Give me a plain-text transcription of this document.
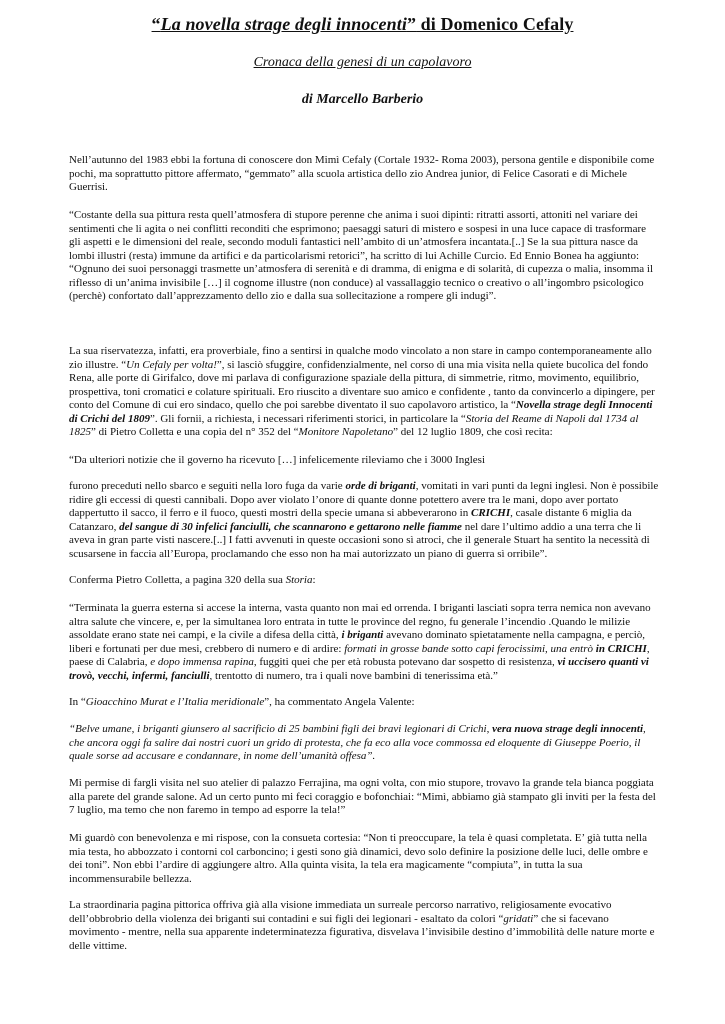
“La novella strage degli innocenti” di Domenico Cefaly
Cronaca della genesi di un capolavoro
di Marcello Barberio

Nell’autunno del 1983 ebbi la fortuna di conoscere don Mimì Cefaly (Cortale 1932- Roma 2003), persona gentile e disponibile come pochi, ma soprattutto pittore affermato, “gemmato” alla scuola artistica dello zio Andrea junior, di Felice Casorati e di Michele Guerrisi.

“Costante della sua pittura resta quell’atmosfera di stupore perenne che anima i suoi dipinti: ritratti assorti, attoniti nel variare dei sentimenti che li agita o nei conflitti reconditi che esprimono; paesaggi saturi di mistero e sospesi in una luce capace di trasformare gli aspetti e le dimensioni del reale, secondo moduli fantastici nell’ambito di un’atmosfera incantata.[..] Se la sua pittura nasce da lombi illustri (resta) immune da artifici e da particolarismi retorici”, ha scritto di lui Achille Curcio. Ed Ennio Bonea ha aggiunto: “Ognuno dei suoi personaggi trasmette un’atmosfera di serenità e di dramma, di enigma e di solarità, di cupezza o malia, insomma il riflesso di un’anima invisibile […] il cognome illustre (non conduce) al vassallaggio tecnico o creativo o all’ingombro psicologico (perchè) confortato dall’apprezzamento dello zio e dalla sua sollecitazione a rompere gli indugi”.

La sua riservatezza, infatti, era proverbiale, fino a sentirsi in qualche modo vincolato a non stare in campo contemporaneamente allo zio illustre. “Un Cefaly per volta!”, si lasciò sfuggire, confidenzialmente, nel corso di una mia visita nella quiete bucolica del fondo Rena, alle porte di Girifalco, dove mi parlava di configurazione spaziale della pittura, di simmetrie, ritmo, movimento, equilibrio, prospettiva, toni cromatici e colature spirituali. Ero riuscito a diventare suo amico e confidente , tanto da convincerlo a dipingere, per conto del Comune di cui ero sindaco, quello che poi sarebbe diventato il suo capolavoro artistico, la “Novella strage degli Innocenti di Crichi del 1809”. Gli fornii, a richiesta, i necessari riferimenti storici, in particolare la “Storia del Reame di Napoli dal 1734 al 1825” di Pietro Colletta e una copia del n° 352 del “Monitore Napoletano” del 12 luglio 1809, che così recita:

“Da ulteriori notizie che il governo ha ricevuto […] infelicemente rileviamo che i 3000 Inglesi

furono preceduti nello sbarco e seguiti nella loro fuga da varie orde di briganti, vomitati in vari punti da legni inglesi. Non è possibile ridire gli eccessi di questi cannibali. Dopo aver violato l’onore di quante donne potettero avere tra le mani, dopo aver portato dappertutto il sacco, il ferro e il fuoco, questi mostri della specie umana si abbeverarono in CRICHI, casale distante 6 miglia da Catanzaro, del sangue di 30 infelici fanciulli, che scannarono e gettarono nelle fiamme nel dare l’ultimo addio a una terra che li aveva in gran parte visti nascere.[..] I fatti avvenuti in queste occasioni sono sì atroci, che il generale Stuart ha sentito la necessità di scusarsene in faccia all’Europa, proclamando che esso non ha mai autorizzato un piano di guerra sì orribile”.

Conferma Pietro Colletta, a pagina 320 della sua Storia:

“Terminata la guerra esterna si accese la interna, vasta quanto non mai ed orrenda. I briganti lasciati sopra terra nemica non avevano altra salute che vincere, e, per la simultanea loro entrata in tutte le province del regno, fu generale l’incendio .Quando le milizie assoldate erano state nei campi, e la civile a difesa della città, i briganti avevano dominato spietatamente nella campagna, e perciò, liberi e fortunati per due mesi, crebbero di numero e di ardire: formati in grosse bande sotto capi ferocissimi, una entrò in CRICHI, paese di Calabria, e dopo immensa rapina, fuggiti quei che per età robusta potevano dar sospetto di resistenza, vi uccisero quanti vi trovò, vecchi, infermi, fanciulli, trentotto di numero, tra i quali nove bambini di tenerissima età.”

In “Gioacchino Murat e l’Italia meridionale”, ha commentato Angela Valente:

“Belve umane, i briganti giunsero al sacrificio di 25 bambini figli dei bravi legionari di Crichi, vera nuova strage degli innocenti, che ancora oggi fa salire dai nostri cuori un grido di protesta, che fa eco alla voce commossa ed eloquente di Giuseppe Poerio, il quale sorse ad accusare e condannare, in nome dell’umanità offesa”.

Mi permise di fargli visita nel suo atelier di palazzo Ferrajina, ma ogni volta, con mio stupore, trovavo la grande tela bianca poggiata alla parete del grande salone. Ad un certo punto mi feci coraggio e bofonchiai: “Mimì, abbiamo già stampato gli inviti per la festa del 7 luglio, ma temo che non faremo in tempo ad esporre la tela!”

Mi guardò con benevolenza e mi rispose, con la consueta cortesia: “Non ti preoccupare, la tela è quasi completata. E’ già tutta nella mia testa, ho abbozzato i contorni col carboncino; i gesti sono già dinamici, devo solo definire la posizione delle luci, delle ombre e dei toni”. Non ebbi l’ardire di aggiungere altro. Alla quinta visita, la tela era magicamente “compiuta”, in tutta la sua incommensurabile bellezza.

La straordinaria pagina pittorica offriva già alla visione immediata un surreale percorso narrativo, religiosamente evocativo dell’obbrobrio della violenza dei briganti sui contadini e sui figli dei legionari - esaltato da colori “gridati” che si facevano movimento - mentre, nella sua apparente indeterminatezza figurativa, disvelava l’invisibile destino d’immobilità delle nature morte e delle vittime.
